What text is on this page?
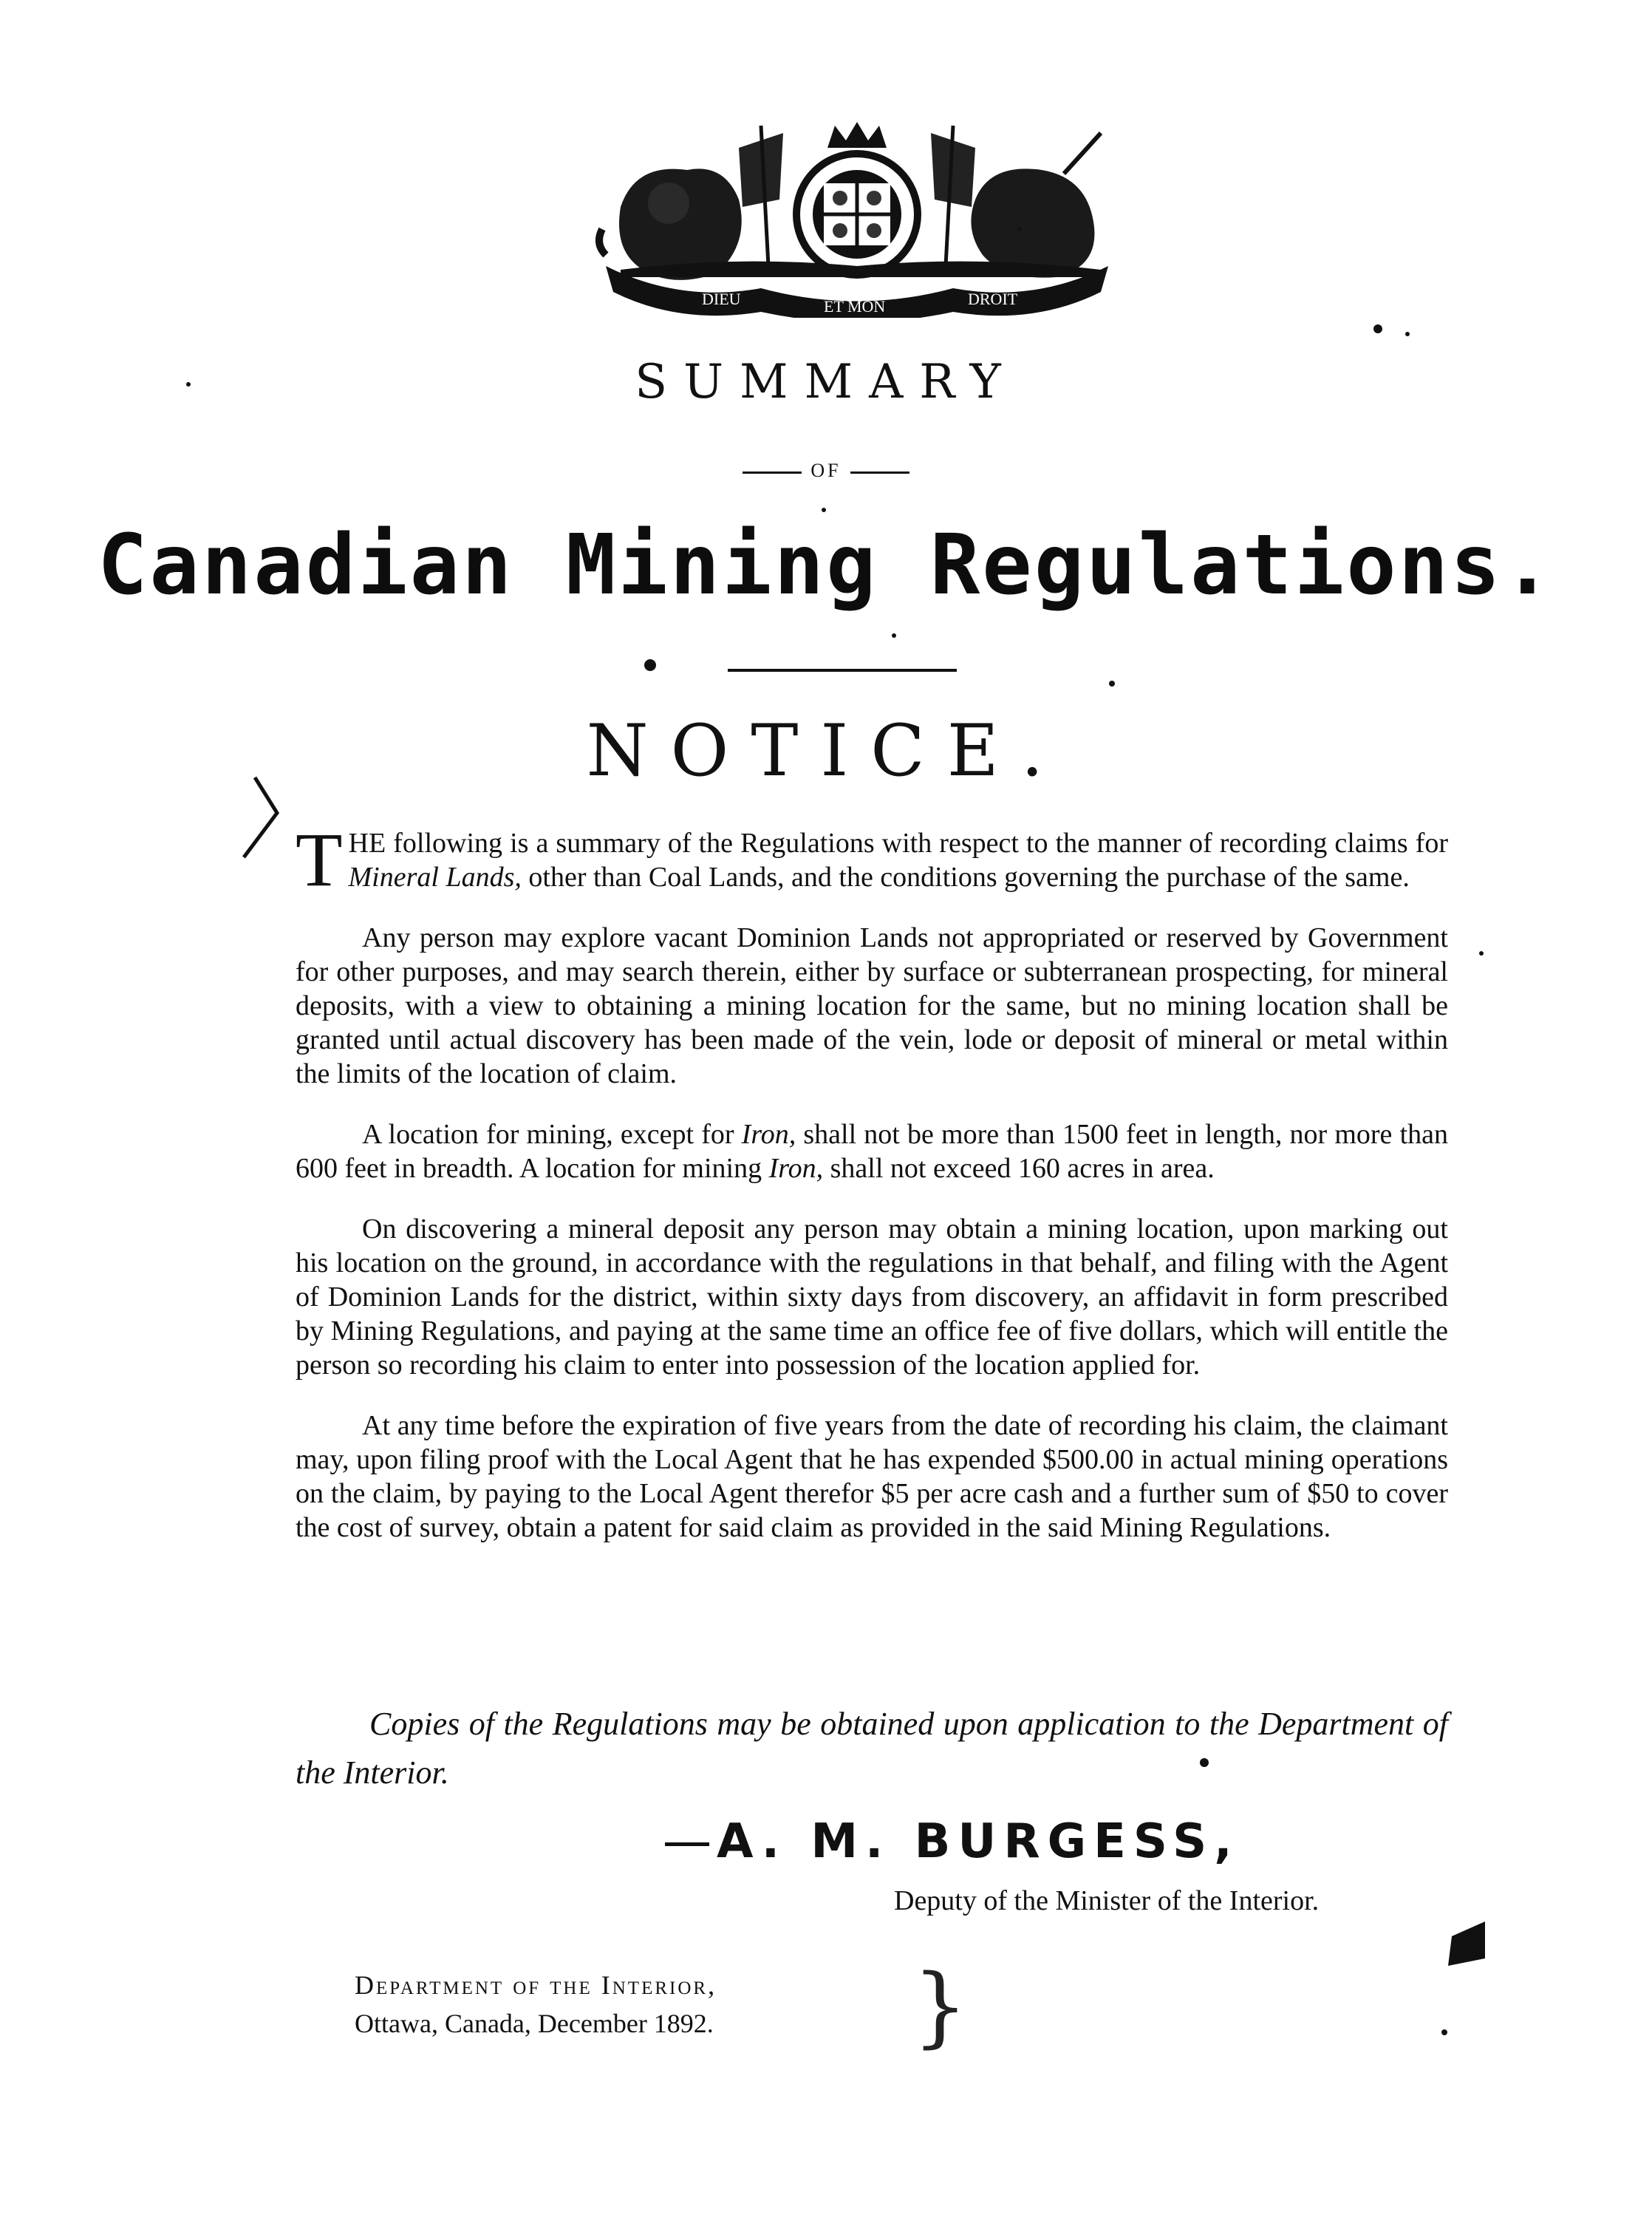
DIEU	ET MON	DROIT
SUMMARY
OF
Canadian Mining Regulations.
NOTICE.

THE following is a summary of the Regulations with respect to the manner of recording claims for Mineral Lands, other than Coal Lands, and the conditions governing the purchase of the same.

Any person may explore vacant Dominion Lands not appropriated or reserved by Government for other purposes, and may search therein, either by surface or subterranean prospecting, for mineral deposits, with a view to obtaining a mining location for the same, but no mining location shall be granted until actual discovery has been made of the vein, lode or deposit of mineral or metal within the limits of the location of claim.

A location for mining, except for Iron, shall not be more than 1500 feet in length, nor more than 600 feet in breadth. A location for mining Iron, shall not exceed 160 acres in area.

On discovering a mineral deposit any person may obtain a mining location, upon marking out his location on the ground, in accordance with the regulations in that behalf, and filing with the Agent of Dominion Lands for the district, within sixty days from discovery, an affidavit in form prescribed by Mining Regulations, and paying at the same time an office fee of five dollars, which will entitle the person so recording his claim to enter into possession of the location applied for.

At any time before the expiration of five years from the date of recording his claim, the claimant may, upon filing proof with the Local Agent that he has expended $500.00 in actual mining operations on the claim, by paying to the Local Agent therefor $5 per acre cash and a further sum of $50 to cover the cost of survey, obtain a patent for said claim as provided in the said Mining Regulations.

Copies of the Regulations may be obtained upon application to the Department of the Interior.
A. M. BURGESS,
Deputy of the Minister of the Interior.
Department of the Interior,
Ottawa, Canada, December 1892. }
